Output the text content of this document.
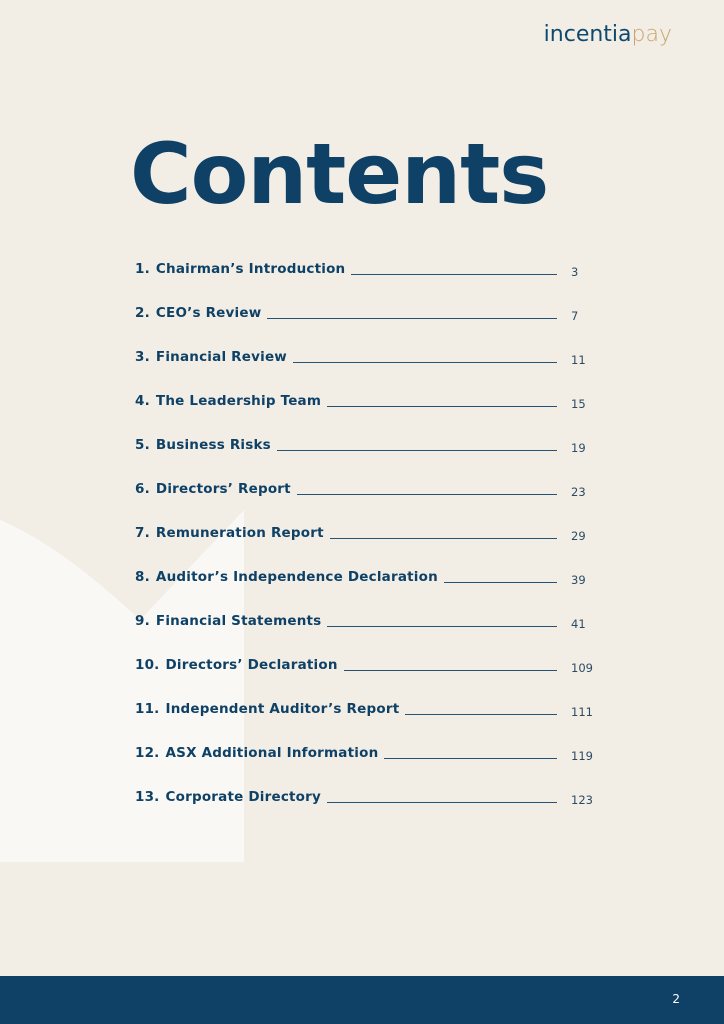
incentiapay
Contents
1. Chairman’s Introduction	3
2. CEO’s Review	7
3. Financial Review	11
4. The Leadership Team	15
5. Business Risks	19
6. Directors’ Report	23
7. Remuneration Report	29
8. Auditor’s Independence Declaration	39
9. Financial Statements	41
10. Directors’ Declaration	109
11. Independent Auditor’s Report	111
12. ASX Additional Information	119
13. Corporate Directory	123
2
